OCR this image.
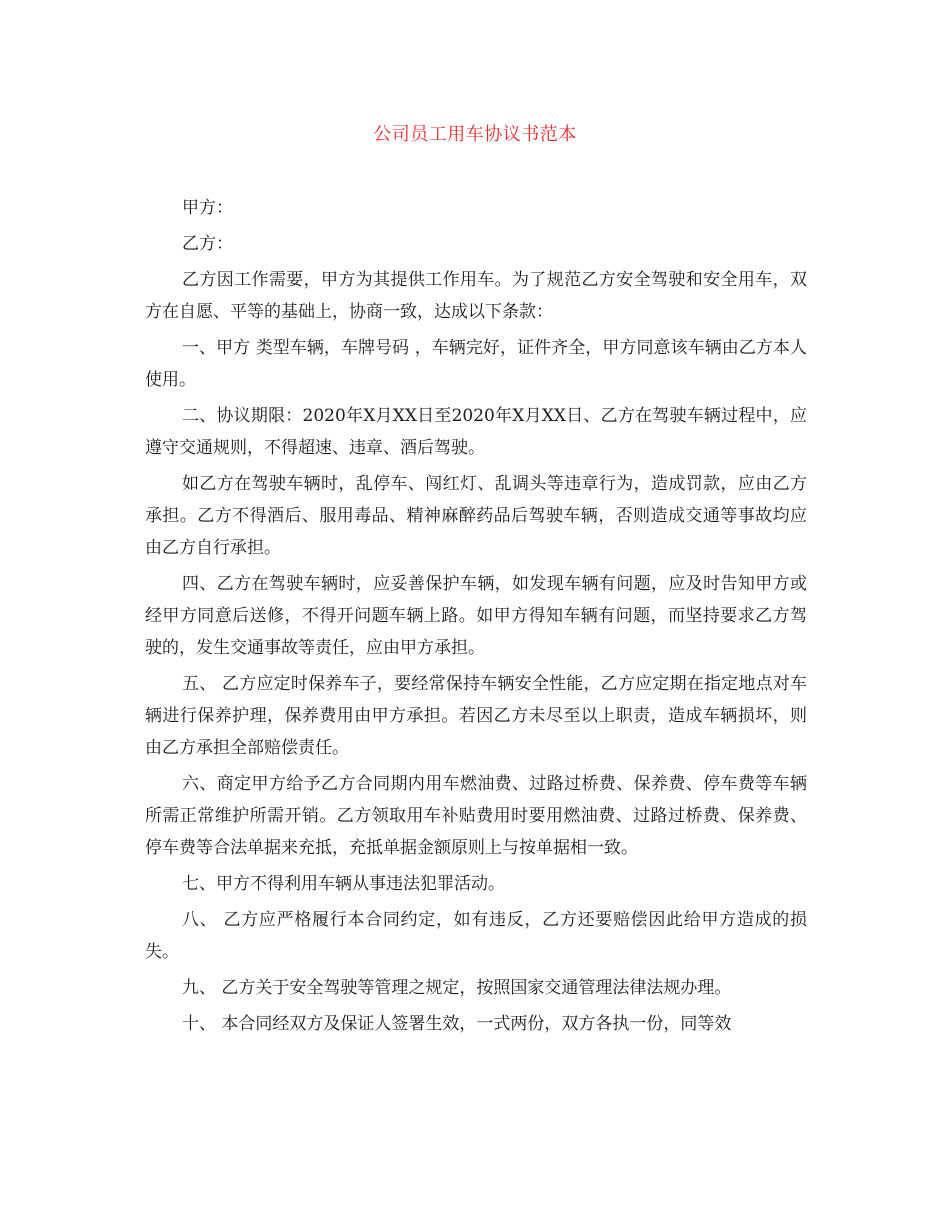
公司员工用车协议书范本

甲方：

乙方：

乙方因工作需要，甲方为其提供工作用车。为了规范乙方安全驾驶和安全用车，双方在自愿、平等的基础上，协商一致，达成以下条款：

一、甲方 类型车辆，车牌号码 ，车辆完好，证件齐全，甲方同意该车辆由乙方本人使用。

二、协议期限：2020年X月XX日至2020年X月XX日、乙方在驾驶车辆过程中，应遵守交通规则，不得超速、违章、酒后驾驶。

如乙方在驾驶车辆时，乱停车、闯红灯、乱调头等违章行为，造成罚款，应由乙方承担。乙方不得酒后、服用毒品、精神麻醉药品后驾驶车辆，否则造成交通等事故均应由乙方自行承担。

四、乙方在驾驶车辆时，应妥善保护车辆，如发现车辆有问题，应及时告知甲方或经甲方同意后送修，不得开问题车辆上路。如甲方得知车辆有问题，而坚持要求乙方驾驶的，发生交通事故等责任，应由甲方承担。

五、 乙方应定时保养车子，要经常保持车辆安全性能，乙方应定期在指定地点对车辆进行保养护理，保养费用由甲方承担。若因乙方未尽至以上职责，造成车辆损坏，则由乙方承担全部赔偿责任。

六、商定甲方给予乙方合同期内用车燃油费、过路过桥费、保养费、停车费等车辆所需正常维护所需开销。乙方领取用车补贴费用时要用燃油费、过路过桥费、保养费、停车费等合法单据来充抵，充抵单据金额原则上与按单据相一致。

七、甲方不得利用车辆从事违法犯罪活动。

八、 乙方应严格履行本合同约定，如有违反，乙方还要赔偿因此给甲方造成的损失。

九、 乙方关于安全驾驶等管理之规定，按照国家交通管理法律法规办理。

十、 本合同经双方及保证人签署生效，一式两份，双方各执一份，同等效
